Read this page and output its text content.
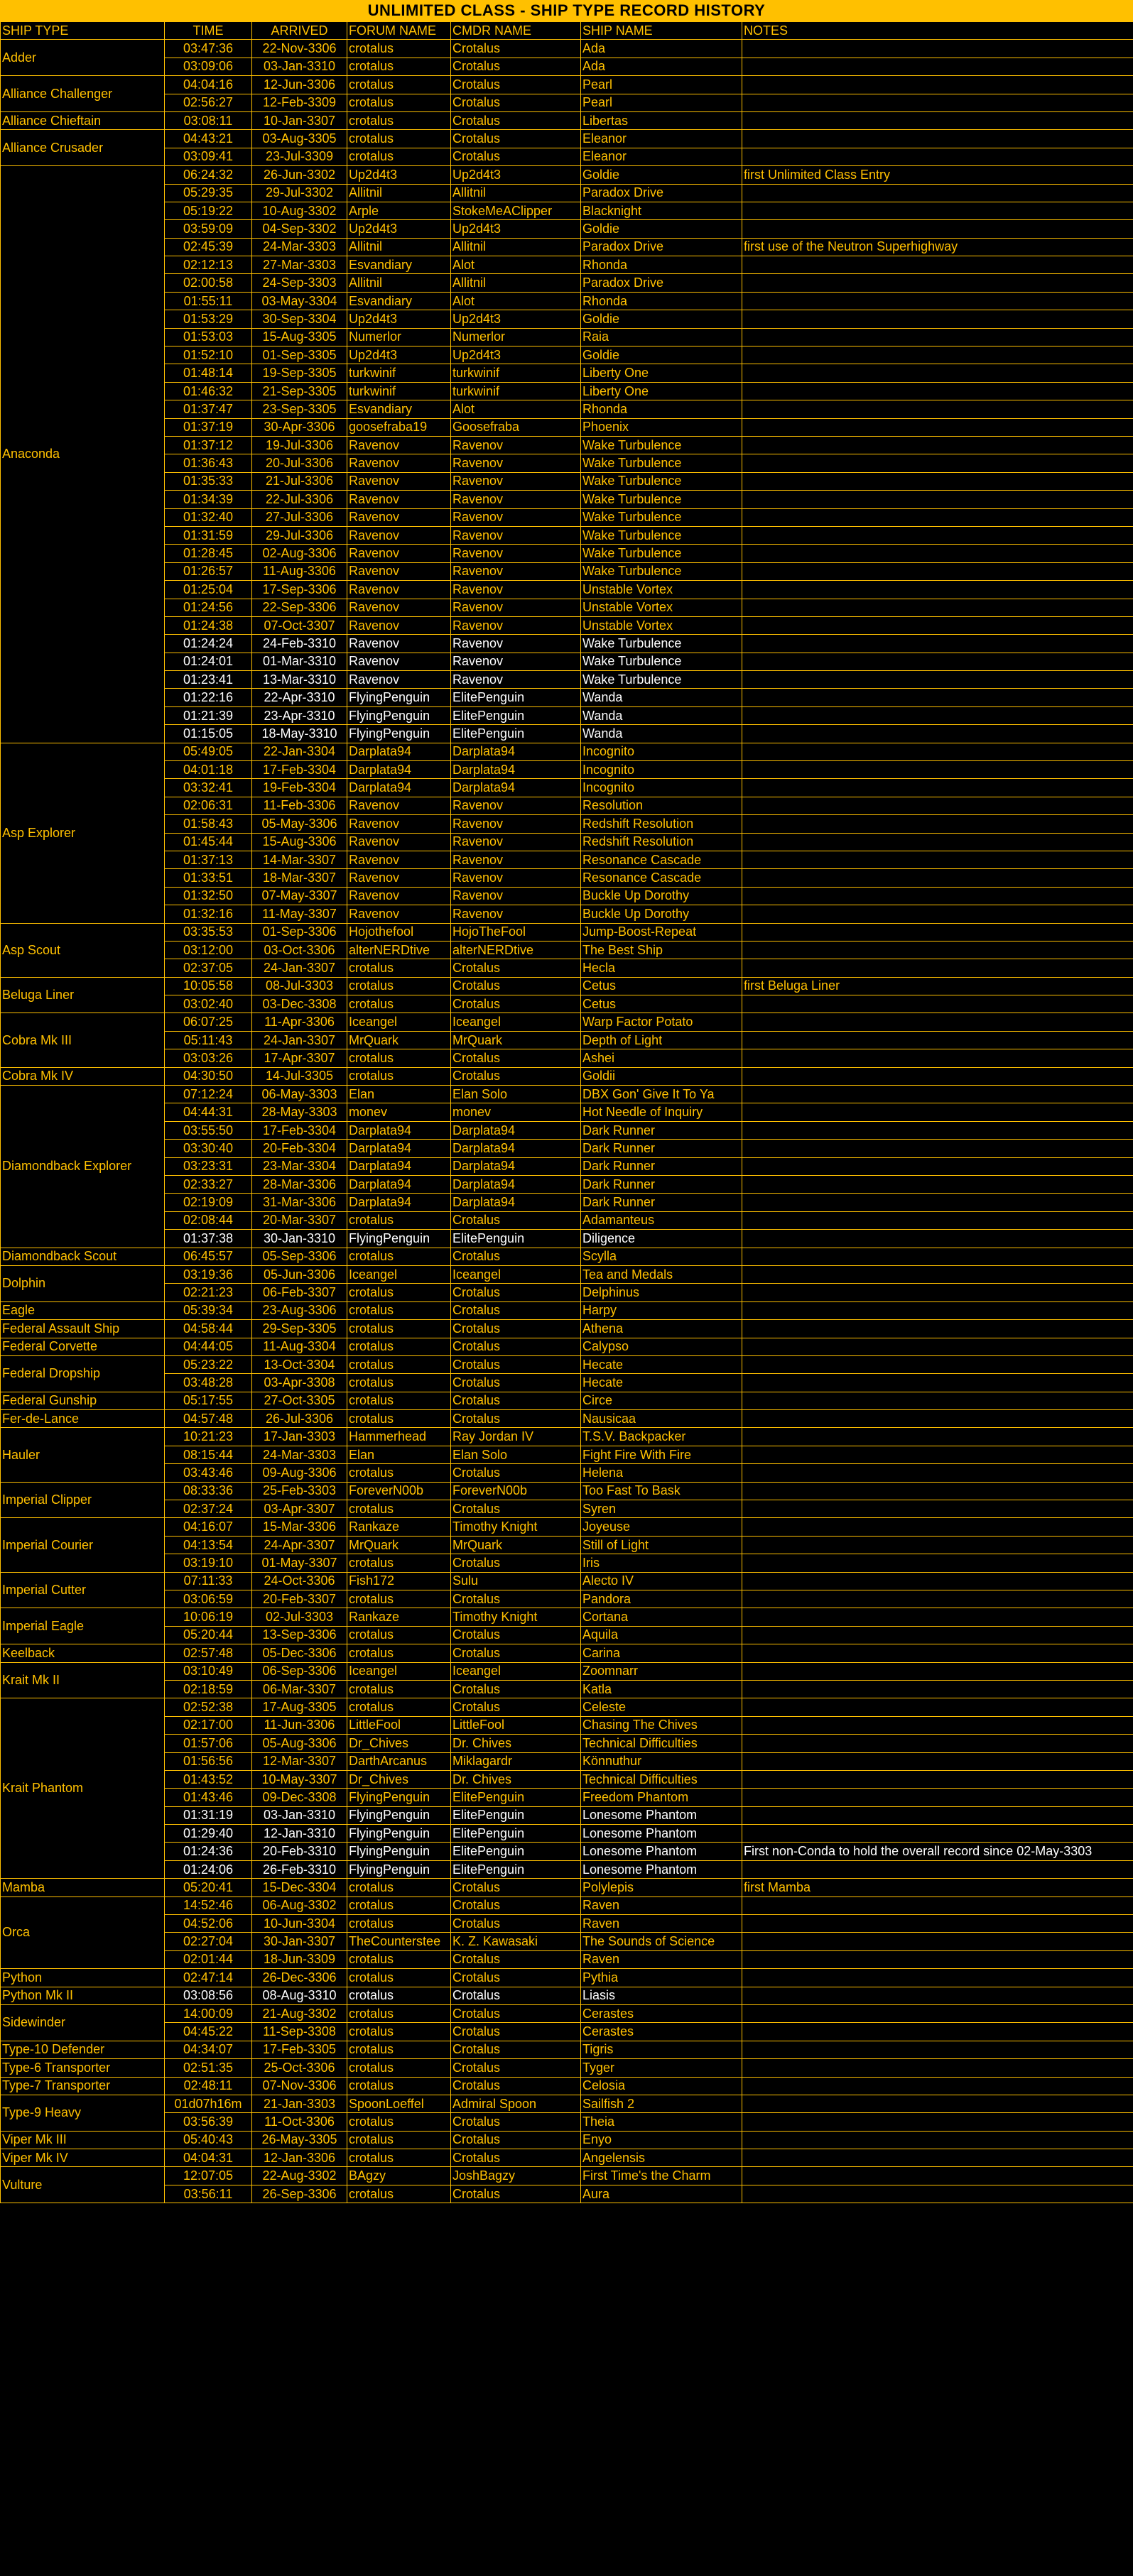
UNLIMITED CLASS - SHIP TYPE RECORD HISTORY
SHIP TYPE	TIME	ARRIVED	FORUM NAME	CMDR NAME	SHIP NAME	NOTES
Adder	03:47:36	22-Nov-3306	crotalus	Crotalus	Ada	
	03:09:06	03-Jan-3310	crotalus	Crotalus	Ada	
Alliance Challenger	04:04:16	12-Jun-3306	crotalus	Crotalus	Pearl	
	02:56:27	12-Feb-3309	crotalus	Crotalus	Pearl	
Alliance Chieftain	03:08:11	10-Jan-3307	crotalus	Crotalus	Libertas	
Alliance Crusader	04:43:21	03-Aug-3305	crotalus	Crotalus	Eleanor	
	03:09:41	23-Jul-3309	crotalus	Crotalus	Eleanor	
Anaconda	06:24:32	26-Jun-3302	Up2d4t3	Up2d4t3	Goldie	first Unlimited Class Entry
	05:29:35	29-Jul-3302	Allitnil	Allitnil	Paradox Drive	
	05:19:22	10-Aug-3302	Arple	StokeMeAClipper	Blacknight	
	03:59:09	04-Sep-3302	Up2d4t3	Up2d4t3	Goldie	
	02:45:39	24-Mar-3303	Allitnil	Allitnil	Paradox Drive	first use of the Neutron Superhighway
	02:12:13	27-Mar-3303	Esvandiary	Alot	Rhonda	
	02:00:58	24-Sep-3303	Allitnil	Allitnil	Paradox Drive	
	01:55:11	03-May-3304	Esvandiary	Alot	Rhonda	
	01:53:29	30-Sep-3304	Up2d4t3	Up2d4t3	Goldie	
	01:53:03	15-Aug-3305	Numerlor	Numerlor	Raia	
	01:52:10	01-Sep-3305	Up2d4t3	Up2d4t3	Goldie	
	01:48:14	19-Sep-3305	turkwinif	turkwinif	Liberty One	
	01:46:32	21-Sep-3305	turkwinif	turkwinif	Liberty One	
	01:37:47	23-Sep-3305	Esvandiary	Alot	Rhonda	
	01:37:19	30-Apr-3306	goosefraba19	Goosefraba	Phoenix	
	01:37:12	19-Jul-3306	Ravenov	Ravenov	Wake Turbulence	
	01:36:43	20-Jul-3306	Ravenov	Ravenov	Wake Turbulence	
	01:35:33	21-Jul-3306	Ravenov	Ravenov	Wake Turbulence	
	01:34:39	22-Jul-3306	Ravenov	Ravenov	Wake Turbulence	
	01:32:40	27-Jul-3306	Ravenov	Ravenov	Wake Turbulence	
	01:31:59	29-Jul-3306	Ravenov	Ravenov	Wake Turbulence	
	01:28:45	02-Aug-3306	Ravenov	Ravenov	Wake Turbulence	
	01:26:57	11-Aug-3306	Ravenov	Ravenov	Wake Turbulence	
	01:25:04	17-Sep-3306	Ravenov	Ravenov	Unstable Vortex	
	01:24:56	22-Sep-3306	Ravenov	Ravenov	Unstable Vortex	
	01:24:38	07-Oct-3307	Ravenov	Ravenov	Unstable Vortex	
	01:24:24	24-Feb-3310	Ravenov	Ravenov	Wake Turbulence	
	01:24:01	01-Mar-3310	Ravenov	Ravenov	Wake Turbulence	
	01:23:41	13-Mar-3310	Ravenov	Ravenov	Wake Turbulence	
	01:22:16	22-Apr-3310	FlyingPenguin	ElitePenguin	Wanda	
	01:21:39	23-Apr-3310	FlyingPenguin	ElitePenguin	Wanda	
	01:15:05	18-May-3310	FlyingPenguin	ElitePenguin	Wanda	
Asp Explorer	05:49:05	22-Jan-3304	Darplata94	Darplata94	Incognito	
	04:01:18	17-Feb-3304	Darplata94	Darplata94	Incognito	
	03:32:41	19-Feb-3304	Darplata94	Darplata94	Incognito	
	02:06:31	11-Feb-3306	Ravenov	Ravenov	Resolution	
	01:58:43	05-May-3306	Ravenov	Ravenov	Redshift Resolution	
	01:45:44	15-Aug-3306	Ravenov	Ravenov	Redshift Resolution	
	01:37:13	14-Mar-3307	Ravenov	Ravenov	Resonance Cascade	
	01:33:51	18-Mar-3307	Ravenov	Ravenov	Resonance Cascade	
	01:32:50	07-May-3307	Ravenov	Ravenov	Buckle Up Dorothy	
	01:32:16	11-May-3307	Ravenov	Ravenov	Buckle Up Dorothy	
Asp Scout	03:35:53	01-Sep-3306	Hojothefool	HojoTheFool	Jump-Boost-Repeat	
	03:12:00	03-Oct-3306	alterNERDtive	alterNERDtive	The Best Ship	
	02:37:05	24-Jan-3307	crotalus	Crotalus	Hecla	
Beluga Liner	10:05:58	08-Jul-3303	crotalus	Crotalus	Cetus	first Beluga Liner
	03:02:40	03-Dec-3308	crotalus	Crotalus	Cetus	
Cobra Mk III	06:07:25	11-Apr-3306	Iceangel	Iceangel	Warp Factor Potato	
	05:11:43	24-Jan-3307	MrQuark	MrQuark	Depth of Light	
	03:03:26	17-Apr-3307	crotalus	Crotalus	Ashei	
Cobra Mk IV	04:30:50	14-Jul-3305	crotalus	Crotalus	Goldii	
Diamondback Explorer	07:12:24	06-May-3303	Elan	Elan Solo	DBX Gon' Give It To Ya	
	04:44:31	28-May-3303	monev	monev	Hot Needle of Inquiry	
	03:55:50	17-Feb-3304	Darplata94	Darplata94	Dark Runner	
	03:30:40	20-Feb-3304	Darplata94	Darplata94	Dark Runner	
	03:23:31	23-Mar-3304	Darplata94	Darplata94	Dark Runner	
	02:33:27	28-Mar-3306	Darplata94	Darplata94	Dark Runner	
	02:19:09	31-Mar-3306	Darplata94	Darplata94	Dark Runner	
	02:08:44	20-Mar-3307	crotalus	Crotalus	Adamanteus	
	01:37:38	30-Jan-3310	FlyingPenguin	ElitePenguin	Diligence	
Diamondback Scout	06:45:57	05-Sep-3306	crotalus	Crotalus	Scylla	
Dolphin	03:19:36	05-Jun-3306	Iceangel	Iceangel	Tea and Medals	
	02:21:23	06-Feb-3307	crotalus	Crotalus	Delphinus	
Eagle	05:39:34	23-Aug-3306	crotalus	Crotalus	Harpy	
Federal Assault Ship	04:58:44	29-Sep-3305	crotalus	Crotalus	Athena	
Federal Corvette	04:44:05	11-Aug-3304	crotalus	Crotalus	Calypso	
Federal Dropship	05:23:22	13-Oct-3304	crotalus	Crotalus	Hecate	
	03:48:28	03-Apr-3308	crotalus	Crotalus	Hecate	
Federal Gunship	05:17:55	27-Oct-3305	crotalus	Crotalus	Circe	
Fer-de-Lance	04:57:48	26-Jul-3306	crotalus	Crotalus	Nausicaa	
Hauler	10:21:23	17-Jan-3303	Hammerhead	Ray Jordan IV	T.S.V. Backpacker	
	08:15:44	24-Mar-3303	Elan	Elan Solo	Fight Fire With Fire	
	03:43:46	09-Aug-3306	crotalus	Crotalus	Helena	
Imperial Clipper	08:33:36	25-Feb-3303	ForeverN00b	ForeverN00b	Too Fast To Bask	
	02:37:24	03-Apr-3307	crotalus	Crotalus	Syren	
Imperial Courier	04:16:07	15-Mar-3306	Rankaze	Timothy Knight	Joyeuse	
	04:13:54	24-Apr-3307	MrQuark	MrQuark	Still of Light	
	03:19:10	01-May-3307	crotalus	Crotalus	Iris	
Imperial Cutter	07:11:33	24-Oct-3306	Fish172	Sulu	Alecto IV	
	03:06:59	20-Feb-3307	crotalus	Crotalus	Pandora	
Imperial Eagle	10:06:19	02-Jul-3303	Rankaze	Timothy Knight	Cortana	
	05:20:44	13-Sep-3306	crotalus	Crotalus	Aquila	
Keelback	02:57:48	05-Dec-3306	crotalus	Crotalus	Carina	
Krait Mk II	03:10:49	06-Sep-3306	Iceangel	Iceangel	Zoomnarr	
	02:18:59	06-Mar-3307	crotalus	Crotalus	Katla	
Krait Phantom	02:52:38	17-Aug-3305	crotalus	Crotalus	Celeste	
	02:17:00	11-Jun-3306	LittleFool	LittleFool	Chasing The Chives	
	01:57:06	05-Aug-3306	Dr_Chives	Dr. Chives	Technical Difficulties	
	01:56:56	12-Mar-3307	DarthArcanus	Miklagardr	Könnuthur	
	01:43:52	10-May-3307	Dr_Chives	Dr. Chives	Technical Difficulties	
	01:43:46	09-Dec-3308	FlyingPenguin	ElitePenguin	Freedom Phantom	
	01:31:19	03-Jan-3310	FlyingPenguin	ElitePenguin	Lonesome Phantom	
	01:29:40	12-Jan-3310	FlyingPenguin	ElitePenguin	Lonesome Phantom	
	01:24:36	20-Feb-3310	FlyingPenguin	ElitePenguin	Lonesome Phantom	First non-Conda to hold the overall record since 02-May-3303
	01:24:06	26-Feb-3310	FlyingPenguin	ElitePenguin	Lonesome Phantom	
Mamba	05:20:41	15-Dec-3304	crotalus	Crotalus	Polylepis	first Mamba
Orca	14:52:46	06-Aug-3302	crotalus	Crotalus	Raven	
	04:52:06	10-Jun-3304	crotalus	Crotalus	Raven	
	02:27:04	30-Jan-3307	TheCounterstee	K. Z. Kawasaki	The Sounds of Science	
	02:01:44	18-Jun-3309	crotalus	Crotalus	Raven	
Python	02:47:14	26-Dec-3306	crotalus	Crotalus	Pythia	
Python Mk II	03:08:56	08-Aug-3310	crotalus	Crotalus	Liasis	
Sidewinder	14:00:09	21-Aug-3302	crotalus	Crotalus	Cerastes	
	04:45:22	11-Sep-3308	crotalus	Crotalus	Cerastes	
Type-10 Defender	04:34:07	17-Feb-3305	crotalus	Crotalus	Tigris	
Type-6 Transporter	02:51:35	25-Oct-3306	crotalus	Crotalus	Tyger	
Type-7 Transporter	02:48:11	07-Nov-3306	crotalus	Crotalus	Celosia	
Type-9 Heavy	01d07h16m	21-Jan-3303	SpoonLoeffel	Admiral Spoon	Sailfish 2	
	03:56:39	11-Oct-3306	crotalus	Crotalus	Theia	
Viper Mk III	05:40:43	26-May-3305	crotalus	Crotalus	Enyo	
Viper Mk IV	04:04:31	12-Jan-3306	crotalus	Crotalus	Angelensis	
Vulture	12:07:05	22-Aug-3302	BAgzy	JoshBagzy	First Time's the Charm	
	03:56:11	26-Sep-3306	crotalus	Crotalus	Aura	
